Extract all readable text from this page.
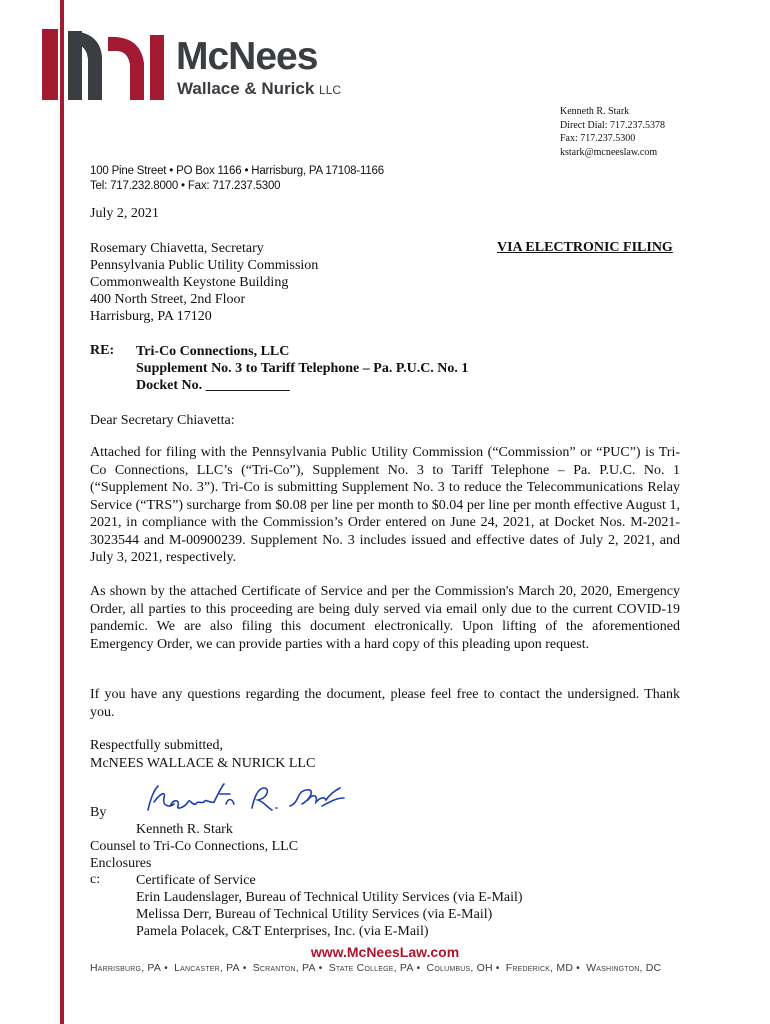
McNees
Wallace & Nurick LLC
Kenneth R. Stark
Direct Dial: 717.237.5378
Fax: 717.237.5300
kstark@mcneeslaw.com
100 Pine Street • PO Box 1166 • Harrisburg, PA 17108-1166
Tel: 717.232.8000 • Fax: 717.237.5300
July 2, 2021
Rosemary Chiavetta, Secretary
Pennsylvania Public Utility Commission
Commonwealth Keystone Building
400 North Street, 2nd Floor
Harrisburg, PA 17120
VIA ELECTRONIC FILING
RE: Tri-Co Connections, LLC
Supplement No. 3 to Tariff Telephone – Pa. P.U.C. No. 1
Docket No. ____________
Dear Secretary Chiavetta:

Attached for filing with the Pennsylvania Public Utility Commission (“Commission” or “PUC”) is Tri-Co Connections, LLC’s (“Tri-Co”), Supplement No. 3 to Tariff Telephone – Pa. P.U.C. No. 1 (“Supplement No. 3”). Tri-Co is submitting Supplement No. 3 to reduce the Telecommunications Relay Service (“TRS”) surcharge from $0.08 per line per month to $0.04 per line per month effective August 1, 2021, in compliance with the Commission’s Order entered on June 24, 2021, at Docket Nos. M-2021-3023544 and M-00900239. Supplement No. 3 includes issued and effective dates of July 2, 2021, and July 3, 2021, respectively.

As shown by the attached Certificate of Service and per the Commission's March 20, 2020, Emergency Order, all parties to this proceeding are being duly served via email only due to the current COVID-19 pandemic. We are also filing this document electronically. Upon lifting of the aforementioned Emergency Order, we can provide parties with a hard copy of this pleading upon request.

If you have any questions regarding the document, please feel free to contact the undersigned. Thank you.

Respectfully submitted,
McNEES WALLACE & NURICK LLC
By
Kenneth R. Stark
Counsel to Tri-Co Connections, LLC
Enclosures
c:	Certificate of Service
Erin Laudenslager, Bureau of Technical Utility Services (via E-Mail)
Melissa Derr, Bureau of Technical Utility Services (via E-Mail)
Pamela Polacek, C&T Enterprises, Inc. (via E-Mail)
www.McNeesLaw.com
Harrisburg, PA • Lancaster, PA • Scranton, PA • State College, PA • Columbus, OH • Frederick, MD • Washington, DC
